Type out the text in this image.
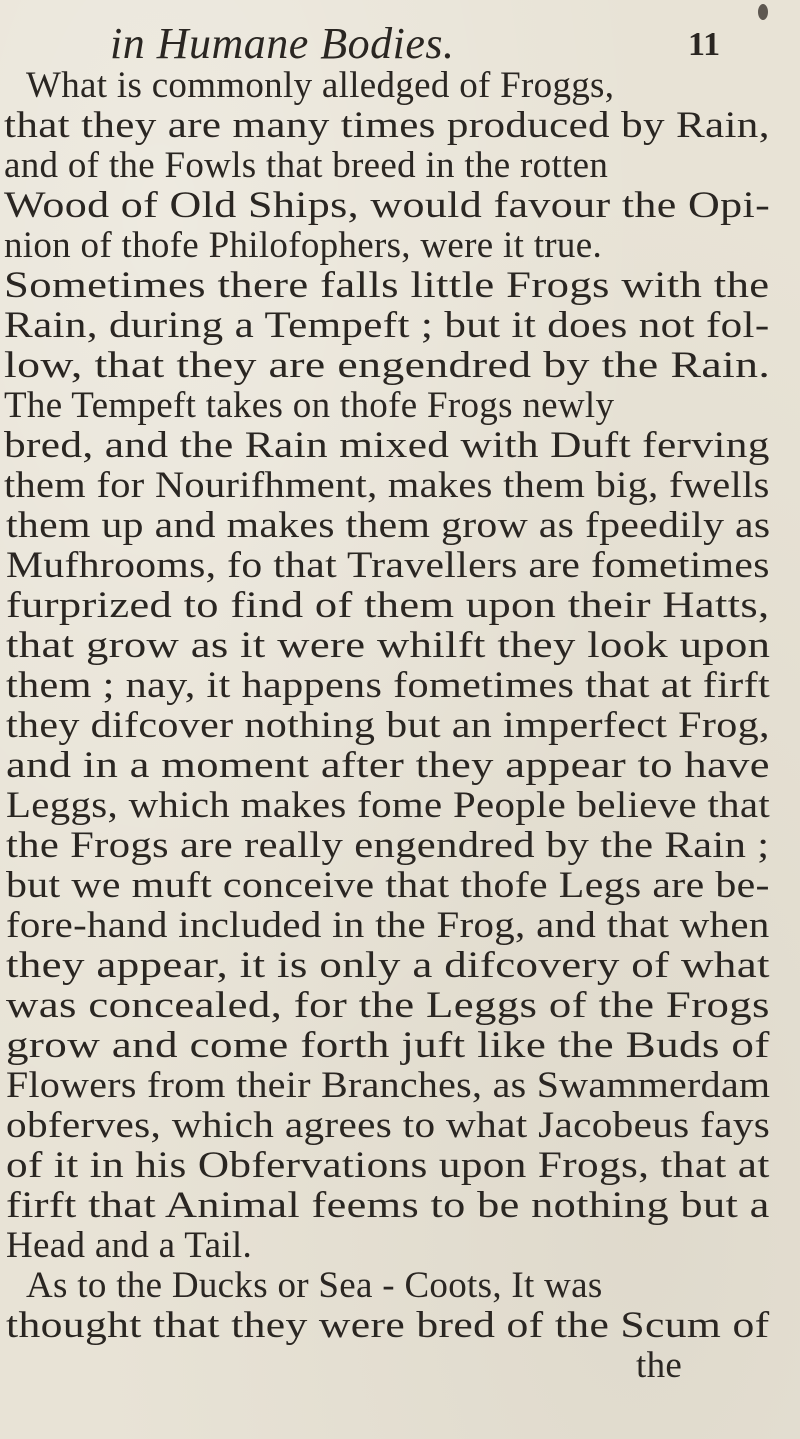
in Humane Bodies.	11
What is commonly alledged of Froggs,
that they are many times produced by Rain,
and of the Fowls that breed in the rotten
Wood of Old Ships, would favour the Opi-
nion of thofe Philofophers, were it true.
Sometimes there falls little Frogs with the
Rain, during a Tempeft ; but it does not fol-
low, that they are engendred by the Rain.
The Tempeft takes on thofe Frogs newly
bred, and the Rain mixed with Duft ferving
them for Nourifhment, makes them big, fwells
them up and makes them grow as fpeedily as
Mufhrooms, fo that Travellers are fometimes
furprized to find of them upon their Hatts,
that grow as it were whilft they look upon
them ; nay, it happens fometimes that at firft
they difcover nothing but an imperfect Frog,
and in a moment after they appear to have
Leggs, which makes fome People believe that
the Frogs are really engendred by the Rain ;
but we muft conceive that thofe Legs are be-
fore-hand included in the Frog, and that when
they appear, it is only a difcovery of what
was concealed, for the Leggs of the Frogs
grow and come forth juft like the Buds of
Flowers from their Branches, as Swammerdam
obferves, which agrees to what Jacobeus fays
of it in his Obfervations upon Frogs, that at
firft that Animal feems to be nothing but a
Head and a Tail.
As to the Ducks or Sea - Coots, It was
thought that they were bred of the Scum of
the
